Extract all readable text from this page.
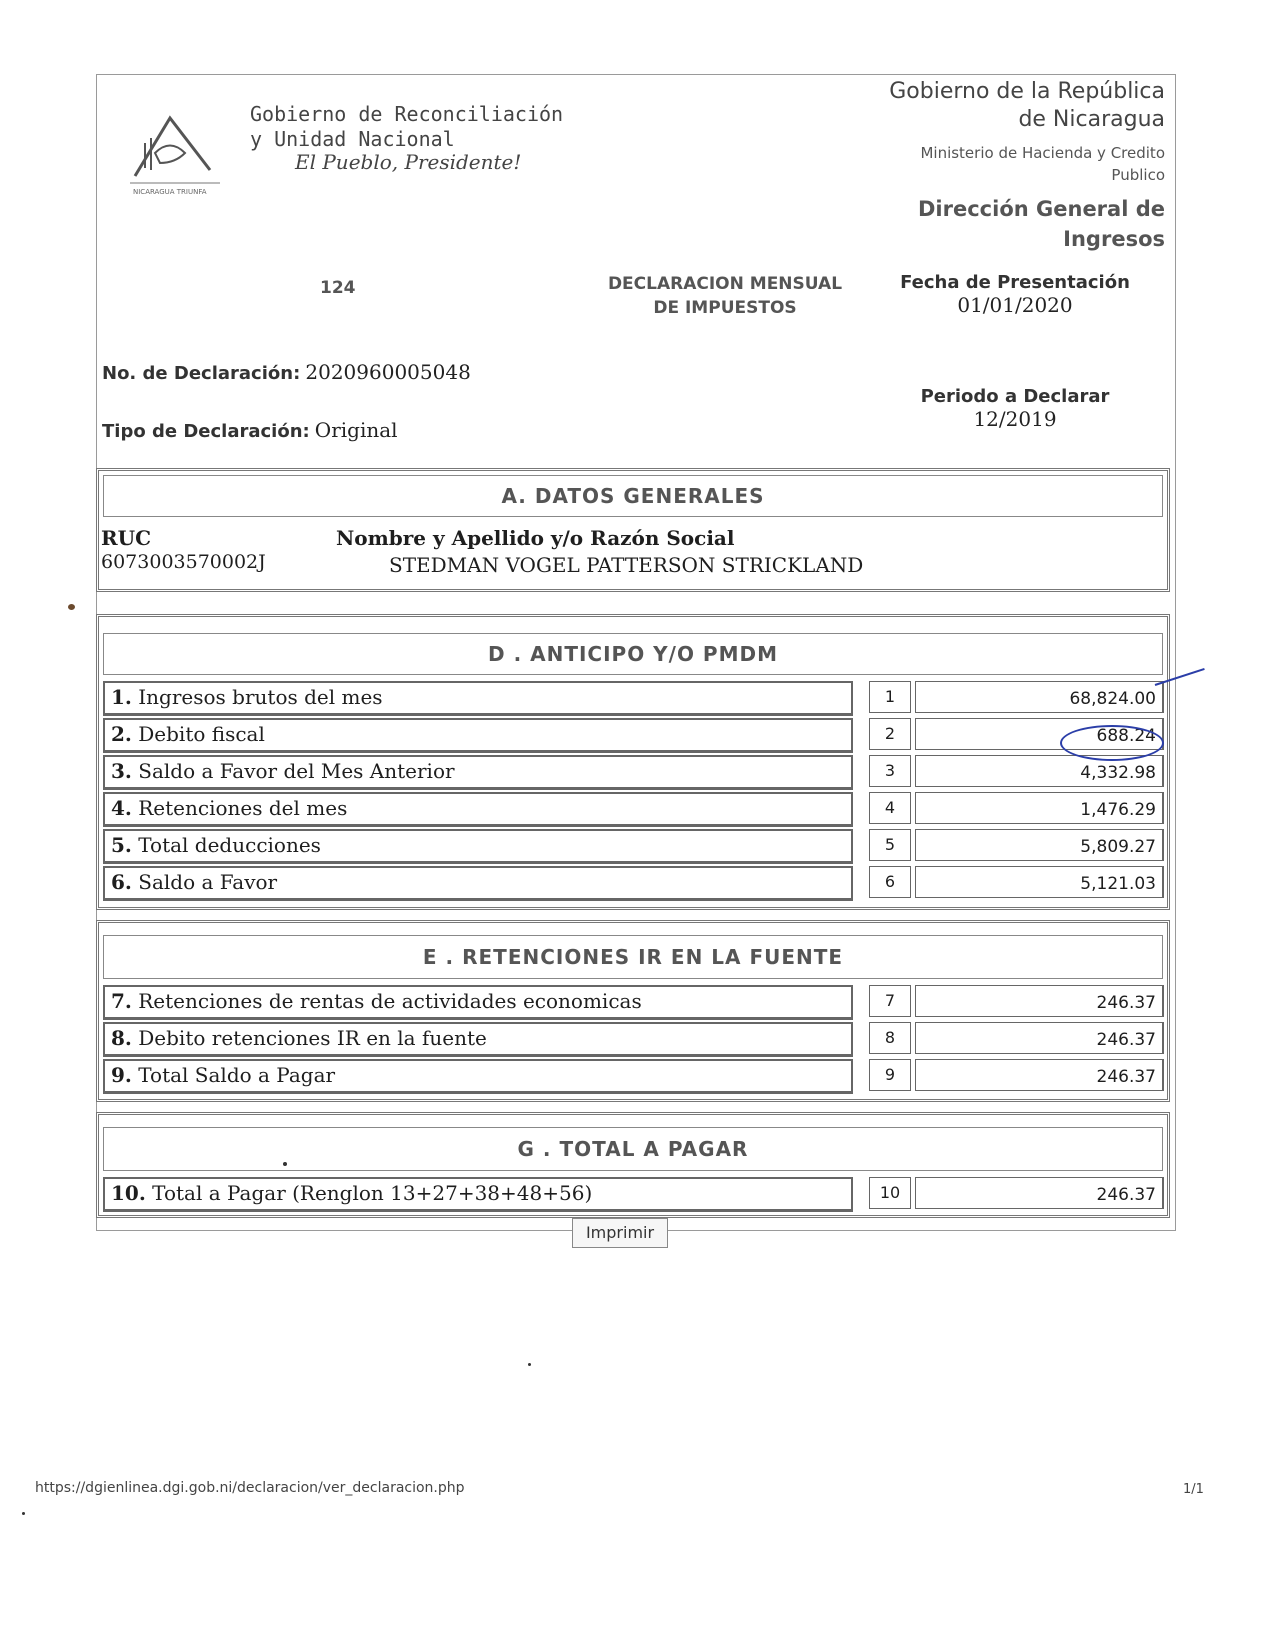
NICARAGUA TRIUNFA
Gobierno de Reconciliación
y Unidad Nacional
El Pueblo, Presidente!
Gobierno de la República
de Nicaragua
Ministerio de Hacienda y Credito
Publico
Dirección General de
Ingresos
124	DECLARACION MENSUAL
DE IMPUESTOS
Fecha de Presentación
01/01/2020
Periodo a Declarar
12/2019
No. de Declaración: 2020960005048
Tipo de Declaración: Original
A. DATOS GENERALES
RUC
6073003570002J
Nombre y Apellido y/o Razón Social
STEDMAN VOGEL PATTERSON STRICKLAND
D . ANTICIPO Y/O PMDM
1. Ingresos brutos del mes	1	68,824.00
2. Debito fiscal	2	688.24
3. Saldo a Favor del Mes Anterior	3	4,332.98
4. Retenciones del mes	4	1,476.29
5. Total deducciones	5	5,809.27
6. Saldo a Favor	6	5,121.03
E . RETENCIONES IR EN LA FUENTE
7. Retenciones de rentas de actividades economicas	7	246.37
8. Debito retenciones IR en la fuente	8	246.37
9. Total Saldo a Pagar	9	246.37
G . TOTAL A PAGAR
10. Total a Pagar (Renglon 13+27+38+48+56)	10	246.37
Imprimir
https://dgienlinea.dgi.gob.ni/declaracion/ver_declaracion.php	1/1
